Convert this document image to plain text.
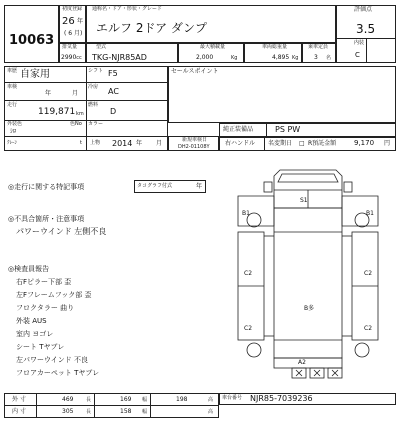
10063
初度登録
26 年
( 6 月)
通称名・ドア・形状・グレード
エルフ 2ドア ダンプ
評価点
3.5
内装
C
排気量
2990cc
型式
TKG-NJR85AD
最大積載量
2,000	Kg
車両総重量
4,895 Kg
乗車定員
3 名
車歴 自家用	シフト F5
車検
年	月
冷房 AC
走行
119,871 km
燃料
D
外装色	色No
ｼﾛ
カラー
ｸﾚｰﾝ	t 上物 2014 年 月	新規車検日
DH2-01108Y
セールスポイント
純正装備品	PS PW
右ハンドル 名変期日 □ R預託金額	9,170 円
◎走行に関する特記事項	タコグラフ付式	年
◎不具合箇所・注意事項
パワーウインド 左側不良
◎検査員報告
右Fピラー下部 歪
左Fフレームフック部 歪
フロクタラー 曲り
外装 AUS
室内 ヨゴレ
シート Tヤブレ
左パワーウインド 不良
フロアカーペット Tヤブレ
S1
B1	B1
C2	C2
C2	C2
B多
A2
車台番号 NJR85-7039236
外 寸	469	長	169 幅	198	高
内 寸	305	長	158 幅	高
